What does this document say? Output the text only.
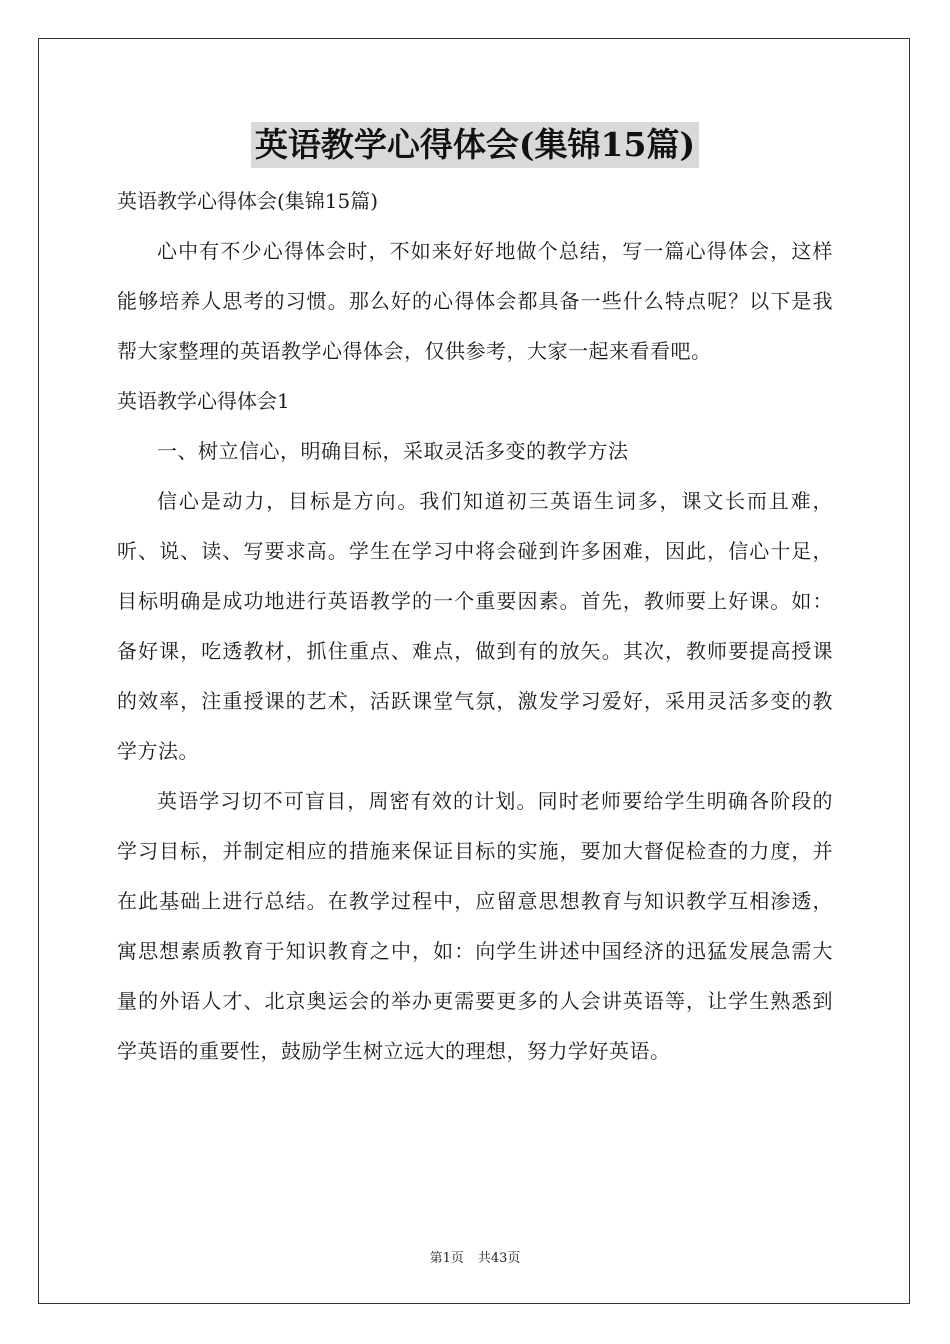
英语教学心得体会(集锦15篇)

英语教学心得体会(集锦15篇)

心中有不少心得体会时，不如来好好地做个总结，写一篇心得体会，这样能够培养人思考的习惯。那么好的心得体会都具备一些什么特点呢？以下是我帮大家整理的英语教学心得体会，仅供参考，大家一起来看看吧。

英语教学心得体会1

一、树立信心，明确目标，采取灵活多变的教学方法

信心是动力，目标是方向。我们知道初三英语生词多，课文长而且难，听、说、读、写要求高。学生在学习中将会碰到许多困难，因此，信心十足，目标明确是成功地进行英语教学的一个重要因素。首先，教师要上好课。如：备好课，吃透教材，抓住重点、难点，做到有的放矢。其次，教师要提高授课的效率，注重授课的艺术，活跃课堂气氛，激发学习爱好，采用灵活多变的教学方法。

英语学习切不可盲目，周密有效的计划。同时老师要给学生明确各阶段的学习目标，并制定相应的措施来保证目标的实施，要加大督促检查的力度，并在此基础上进行总结。在教学过程中，应留意思想教育与知识教学互相渗透，寓思想素质教育于知识教育之中，如：向学生讲述中国经济的迅猛发展急需大量的外语人才、北京奥运会的举办更需要更多的人会讲英语等，让学生熟悉到学英语的重要性，鼓励学生树立远大的理想，努力学好英语。

第1页 共43页
